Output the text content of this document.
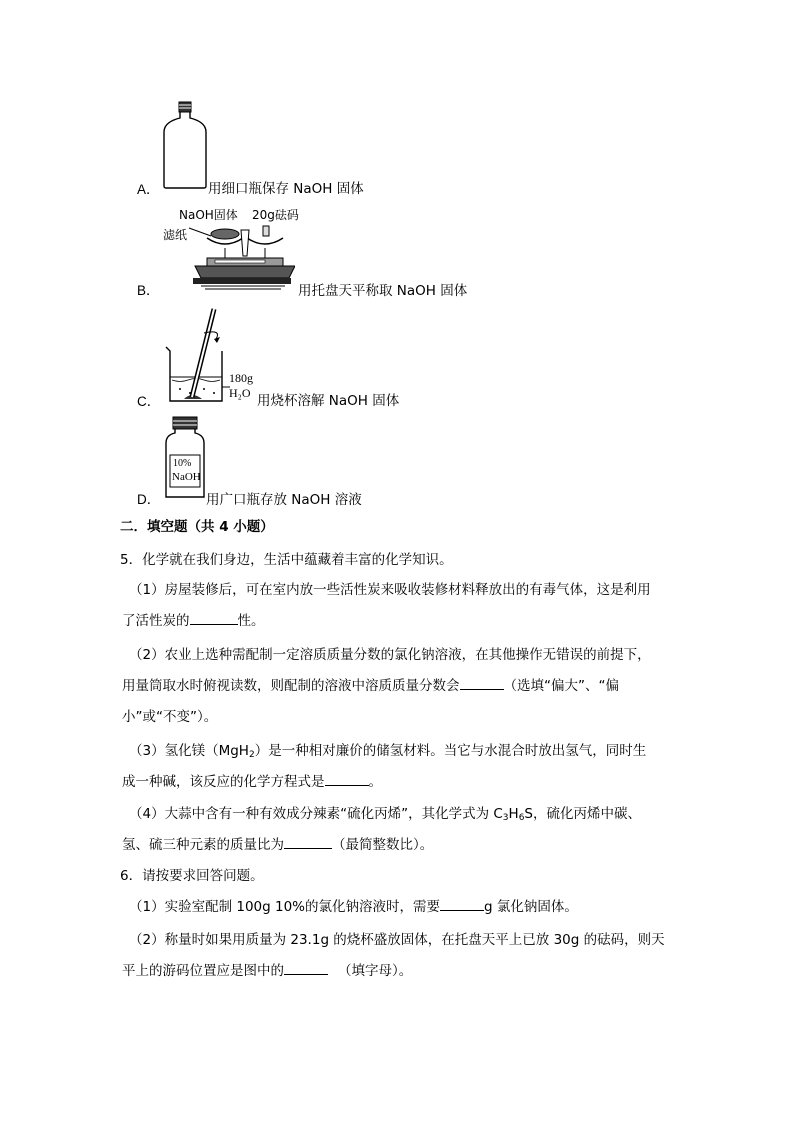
A．	用细口瓶保存 NaOH 固体
B．
NaOH固体 20g砝码
滤纸
用托盘天平称取 NaOH 固体
C．
180g
H₂O 用烧杯溶解 NaOH 固体
D．
10%
NaOH
用广口瓶存放 NaOH 溶液
二．填空题（共 4 小题）
5．化学就在我们身边，生活中蕴藏着丰富的化学知识。
（1）房屋装修后，可在室内放一些活性炭来吸收装修材料释放出的有毒气体，这是利用
了活性炭的	性。
（2）农业上选种需配制一定溶质质量分数的氯化钠溶液，在其他操作无错误的前提下，
用量筒取水时俯视读数，则配制的溶液中溶质质量分数会	（选填“偏大”、“偏
小”或“不变”）。
（3）氢化镁（MgH$_2$）是一种相对廉价的储氢材料。当它与水混合时放出氢气，同时生
成一种碱，该反应的化学方程式是	。
（4）大蒜中含有一种有效成分辣素“硫化丙烯”，其化学式为 $C_3H_6S$，硫化丙烯中碳、
氢、硫三种元素的质量比为	（最简整数比）。
6．请按要求回答问题。
（1）实验室配制 100g 10%的氯化钠溶液时，需要	g 氯化钠固体。
（2）称量时如果用质量为 23.1g 的烧杯盛放固体，在托盘天平上已放 30g 的砝码，则天
平上的游码位置应是图中的	（填字母）。
